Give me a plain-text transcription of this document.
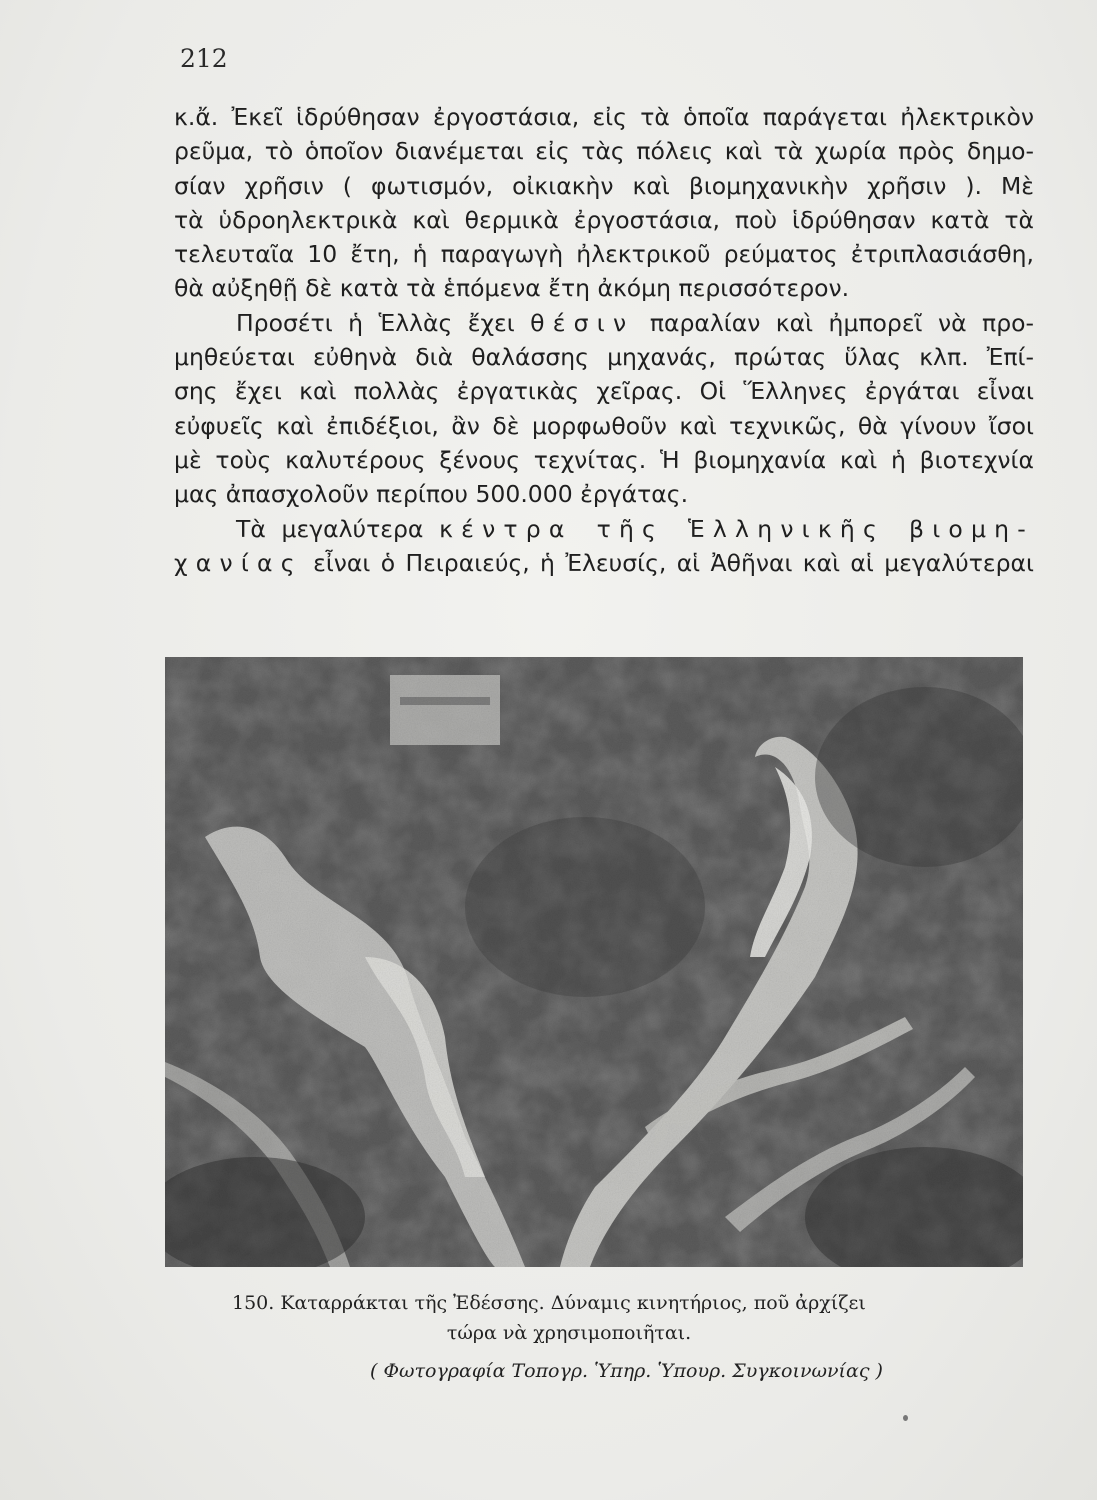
212
κ.ἄ. Ἐκεῖ ἱδρύθησαν ἐργοστάσια, εἰς τὰ ὁποῖα παράγεται ἠλεκτρικὸν
ρεῦμα, τὸ ὁποῖον διανέμεται εἰς τὰς πόλεις καὶ τὰ χωρία πρὸς δημο-
σίαν χρῆσιν ( φωτισμόν, οἰκιακὴν καὶ βιομηχανικὴν χρῆσιν ). Μὲ
τὰ ὑδροηλεκτρικὰ καὶ θερμικὰ ἐργοστάσια, ποὺ ἱδρύθησαν κατὰ τὰ
τελευταῖα 10 ἔτη, ἡ παραγωγὴ ἠλεκτρικοῦ ρεύματος ἐτριπλασιάσθη,
θὰ αὐξηθῇ δὲ κατὰ τὰ ἑπόμενα ἔτη ἀκόμη περισσότερον.
Προσέτι ἡ Ἑλλὰς ἔχει θέσιν παραλίαν καὶ ἠμπορεῖ νὰ προ-
μηθεύεται εὐθηνὰ διὰ θαλάσσης μηχανάς, πρώτας ὕλας κλπ. Ἐπί-
σης ἔχει καὶ πολλὰς ἐργατικὰς χεῖρας. Οἱ Ἕλληνες ἐργάται εἶναι
εὐφυεῖς καὶ ἐπιδέξιοι, ἂν δὲ μορφωθοῦν καὶ τεχνικῶς, θὰ γίνουν ἴσοι
μὲ τοὺς καλυτέρους ξένους τεχνίτας. Ἡ βιομηχανία καὶ ἡ βιοτεχνία
μας ἀπασχολοῦν περίπου 500.000 ἐργάτας.
Τὰ μεγαλύτερα κέντρα τῆς Ἑλληνικῆς βιομη-
χανίας εἶναι ὁ Πειραιεύς, ἡ Ἐλευσίς, αἱ Ἀθῆναι καὶ αἱ μεγαλύτεραι
150. Καταρράκται τῆς Ἐδέσσης. Δύναμις κινητήριος, ποῦ ἀρχίζει
τώρα νὰ χρησιμοποιῆται.
( Φωτογραφία Τοπογρ. Ὑπηρ. Ὑπουρ. Συγκοινωνίας )
